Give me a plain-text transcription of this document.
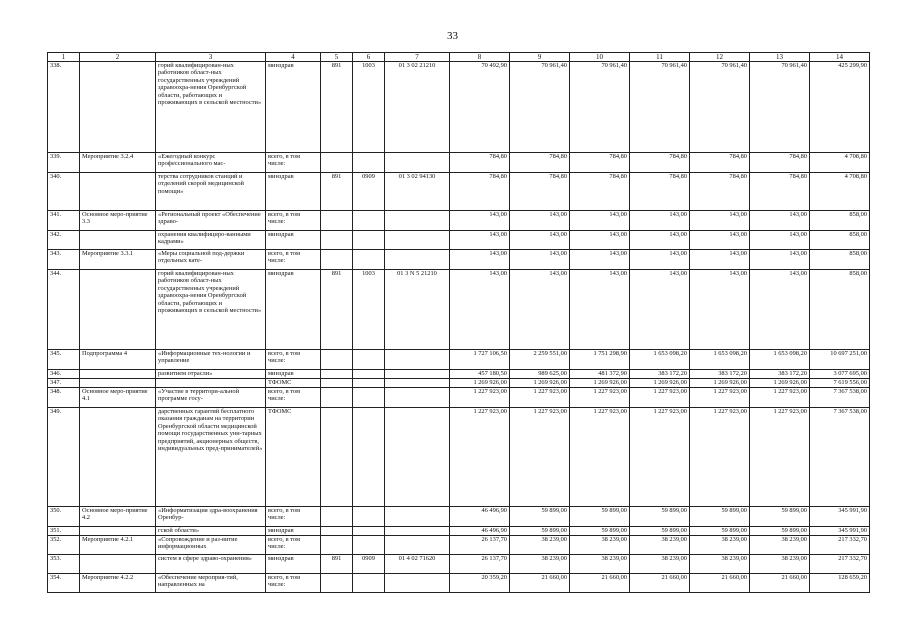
33
1	2	3	4	5	6	7	8	9	10	11	12	13	14
338.		горий квалифицирован-ных работников област-ных государственных учреждений здравоохра-нения Оренбургской области, работающих и проживающих в сельской местности»	минздрав	891	1003	01 3 02 21210	70 492,90	70 961,40	70 961,40	70 961,40	70 961,40	70 961,40	425 299,90
339.	Мероприятие 3.2.4	«Ежегодный конкурс профессионального мас-	всего, в том числе:				784,80	784,80	784,80	784,80	784,80	784,80	4 708,80
340.		терства сотрудников станций и отделений скорой медицинской помощи»	минздрав	891	0909	01 3 02 94130	784,80	784,80	784,80	784,80	784,80	784,80	4 708,80
341.	Основное меро-приятие 3.3	«Региональный проект «Обеспечение здраво-	всего, в том числе:				143,00	143,00	143,00	143,00	143,00	143,00	858,00
342.		охранения квалифициро-ванными кадрами»	минздрав				143,00	143,00	143,00	143,00	143,00	143,00	858,00
343.	Мероприятие 3.3.1	«Меры социальной под-держки отдельных кате-	всего, в том числе:				143,00	143,00	143,00	143,00	143,00	143,00	858,00
344.		горий квалифицирован-ных работников област-ных государственных учреждений здравоохра-нения Оренбургской области, работающих и проживающих в сельской местности»	минздрав	891	1003	01 3 N 5 21210	143,00	143,00	143,00	143,00	143,00	143,00	858,00
345.	Подпрограмма 4	«Информационные тех-нологии и управление	всего, в том числе:				1 727 106,50	2 259 551,00	1 751 298,90	1 653 098,20	1 653 098,20	1 653 098,20	10 697 251,00
346.		развитием отрасли»	минздрав				457 180,50	989 625,00	481 372,90	383 172,20	383 172,20	383 172,20	3 077 695,00
347.			ТФОМС				1 269 926,00	1 269 926,00	1 269 926,00	1 269 926,00	1 269 926,00	1 269 926,00	7 619 556,00
348.	Основное меро-приятие 4.1	«Участие в территори-альной программе госу-	всего, в том числе:				1 227 923,00	1 227 923,00	1 227 923,00	1 227 923,00	1 227 923,00	1 227 923,00	7 367 538,00
349.		дарственных гарантий бесплатного оказания гражданам на территории Оренбургской области медицинской помощи государственных уни-тарных предприятий, акционерных обществ, индивидуальных пред-принимателей»	ТФОМС				1 227 923,00	1 227 923,00	1 227 923,00	1 227 923,00	1 227 923,00	1 227 923,00	7 367 538,00
350.	Основное меро-приятие 4.2	«Информатизация здра-воохранения Оренбур-	всего, в том числе:				46 496,90	59 899,00	59 899,00	59 899,00	59 899,00	59 899,00	345 991,90
351.		гской области»	минздрав				46 496,90	59 899,00	59 899,00	59 899,00	59 899,00	59 899,00	345 991,90
352.	Мероприятие 4.2.1	«Сопровождение и раз-витие информационных	всего, в том числе:				26 137,70	38 239,00	38 239,00	38 239,00	38 239,00	38 239,00	217 332,70
353.		систем в сфере здраво-охранения»	минздрав	891	0909	01 4 02 71620	26 137,70	38 239,00	38 239,00	38 239,00	38 239,00	38 239,00	217 332,70
354.	Мероприятие 4.2.2	«Обеспечение мероприя-тий, направленных на	всего, в том числе:				20 359,20	21 660,00	21 660,00	21 660,00	21 660,00	21 660,00	128 659,20
